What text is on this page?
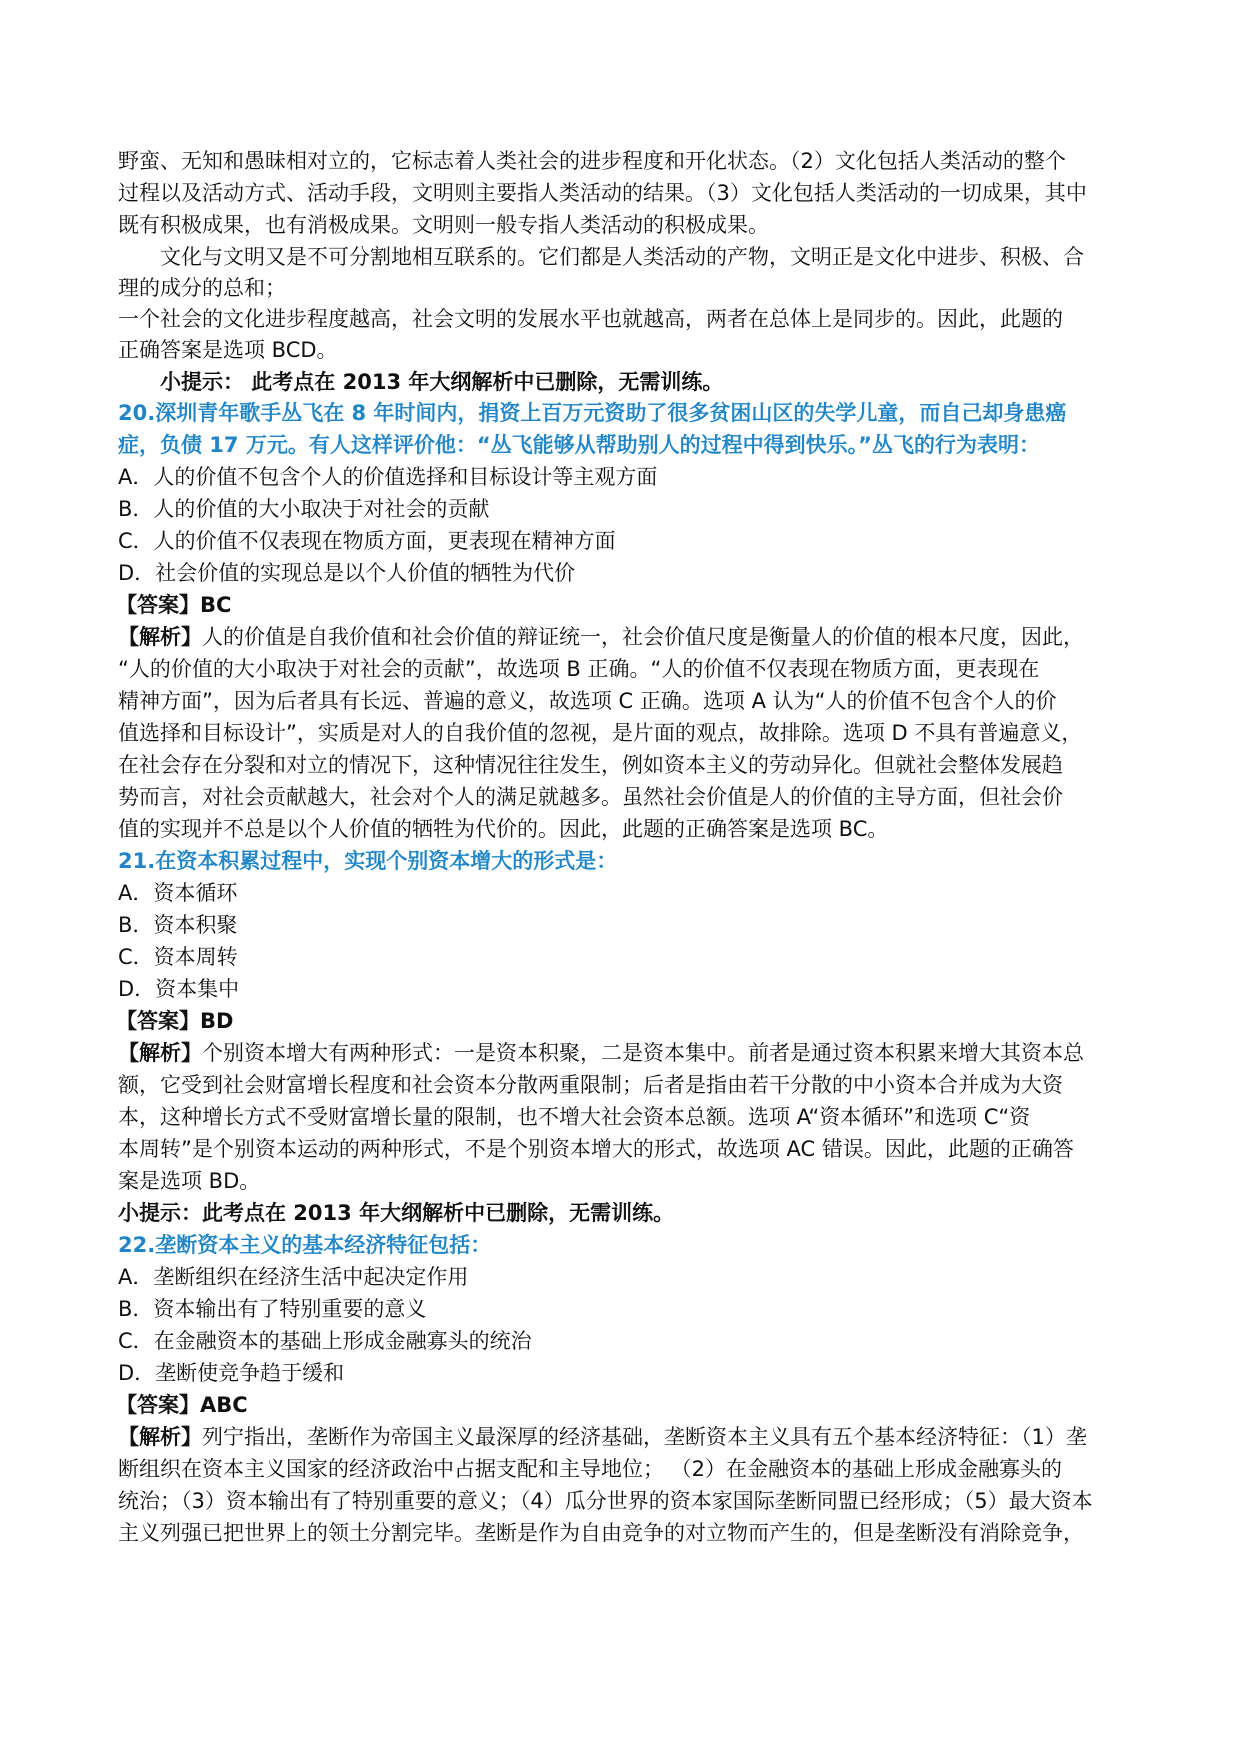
野蛮、无知和愚昧相对立的，它标志着人类社会的进步程度和开化状态。（2）文化包括人类活动的整个
过程以及活动方式、活动手段，文明则主要指人类活动的结果。（3）文化包括人类活动的一切成果，其中
既有积极成果，也有消极成果。文明则一般专指人类活动的积极成果。
文化与文明又是不可分割地相互联系的。它们都是人类活动的产物，文明正是文化中进步、积极、合
理的成分的总和；
一个社会的文化进步程度越高，社会文明的发展水平也就越高，两者在总体上是同步的。因此，此题的
正确答案是选项 BCD。
小提示： 此考点在 2013 年大纲解析中已删除，无需训练。
20.深圳青年歌手丛飞在 8 年时间内，捐资上百万元资助了很多贫困山区的失学儿童，而自己却身患癌
症，负债 17 万元。有人这样评价他：“丛飞能够从帮助别人的过程中得到快乐。”丛飞的行为表明：
A．人的价值不包含个人的价值选择和目标设计等主观方面
B．人的价值的大小取决于对社会的贡献
C．人的价值不仅表现在物质方面，更表现在精神方面
D．社会价值的实现总是以个人价值的牺牲为代价
【答案】BC
【解析】人的价值是自我价值和社会价值的辩证统一，社会价值尺度是衡量人的价值的根本尺度，因此，
“人的价值的大小取决于对社会的贡献”，故选项 B 正确。“人的价值不仅表现在物质方面，更表现在
精神方面”，因为后者具有长远、普遍的意义，故选项 C 正确。选项 A 认为“人的价值不包含个人的价
值选择和目标设计”，实质是对人的自我价值的忽视，是片面的观点，故排除。选项 D 不具有普遍意义，
在社会存在分裂和对立的情况下，这种情况往往发生，例如资本主义的劳动异化。但就社会整体发展趋
势而言，对社会贡献越大，社会对个人的满足就越多。虽然社会价值是人的价值的主导方面，但社会价
值的实现并不总是以个人价值的牺牲为代价的。因此，此题的正确答案是选项 BC。
21.在资本积累过程中，实现个别资本增大的形式是：
A．资本循环
B．资本积聚
C．资本周转
D．资本集中
【答案】BD
【解析】个别资本增大有两种形式：一是资本积聚，二是资本集中。前者是通过资本积累来增大其资本总
额，它受到社会财富增长程度和社会资本分散两重限制；后者是指由若干分散的中小资本合并成为大资
本，这种增长方式不受财富增长量的限制，也不增大社会资本总额。选项 A“资本循环”和选项 C“资
本周转”是个别资本运动的两种形式，不是个别资本增大的形式，故选项 AC 错误。因此，此题的正确答
案是选项 BD。
小提示：此考点在 2013 年大纲解析中已删除，无需训练。
22.垄断资本主义的基本经济特征包括：
A．垄断组织在经济生活中起决定作用
B．资本输出有了特别重要的意义
C．在金融资本的基础上形成金融寡头的统治
D．垄断使竞争趋于缓和
【答案】ABC
【解析】列宁指出，垄断作为帝国主义最深厚的经济基础，垄断资本主义具有五个基本经济特征：（1）垄
断组织在资本主义国家的经济政治中占据支配和主导地位； （2）在金融资本的基础上形成金融寡头的
统治；（3）资本输出有了特别重要的意义；（4）瓜分世界的资本家国际垄断同盟已经形成；（5）最大资本
主义列强已把世界上的领土分割完毕。垄断是作为自由竞争的对立物而产生的，但是垄断没有消除竞争，
